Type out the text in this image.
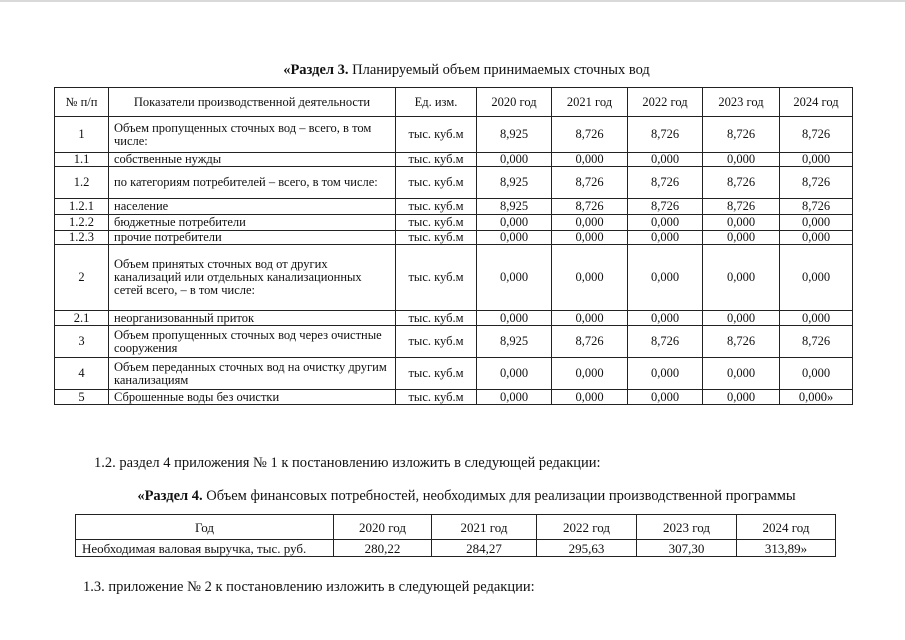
«Раздел 3. Планируемый объем принимаемых сточных вод
№ п/п	Показатели производственной деятельности	Ед. изм.	2020 год	2021 год	2022 год	2023 год	2024 год
1	Объем пропущенных сточных вод – всего, в том числе:	тыс. куб.м	8,925	8,726	8,726	8,726	8,726
1.1	собственные нужды	тыс. куб.м	0,000	0,000	0,000	0,000	0,000
1.2	по категориям потребителей – всего, в том числе:	тыс. куб.м	8,925	8,726	8,726	8,726	8,726
1.2.1	население	тыс. куб.м	8,925	8,726	8,726	8,726	8,726
1.2.2	бюджетные потребители	тыс. куб.м	0,000	0,000	0,000	0,000	0,000
1.2.3	прочие потребители	тыс. куб.м	0,000	0,000	0,000	0,000	0,000
2	Объем принятых сточных вод от других канализаций или отдельных канализационных сетей всего, – в том числе:	тыс. куб.м	0,000	0,000	0,000	0,000	0,000
2.1	неорганизованный приток	тыс. куб.м	0,000	0,000	0,000	0,000	0,000
3	Объем пропущенных сточных вод через очистные сооружения	тыс. куб.м	8,925	8,726	8,726	8,726	8,726
4	Объем переданных сточных вод на очистку другим канализациям	тыс. куб.м	0,000	0,000	0,000	0,000	0,000
5	Сброшенные воды без очистки	тыс. куб.м	0,000	0,000	0,000	0,000	0,000»
1.2. раздел 4 приложения № 1 к постановлению изложить в следующей редакции:
«Раздел 4. Объем финансовых потребностей, необходимых для реализации производственной программы
Год	2020 год	2021 год	2022 год	2023 год	2024 год
Необходимая валовая выручка, тыс. руб.	280,22	284,27	295,63	307,30	313,89»
1.3. приложение № 2 к постановлению изложить в следующей редакции:
